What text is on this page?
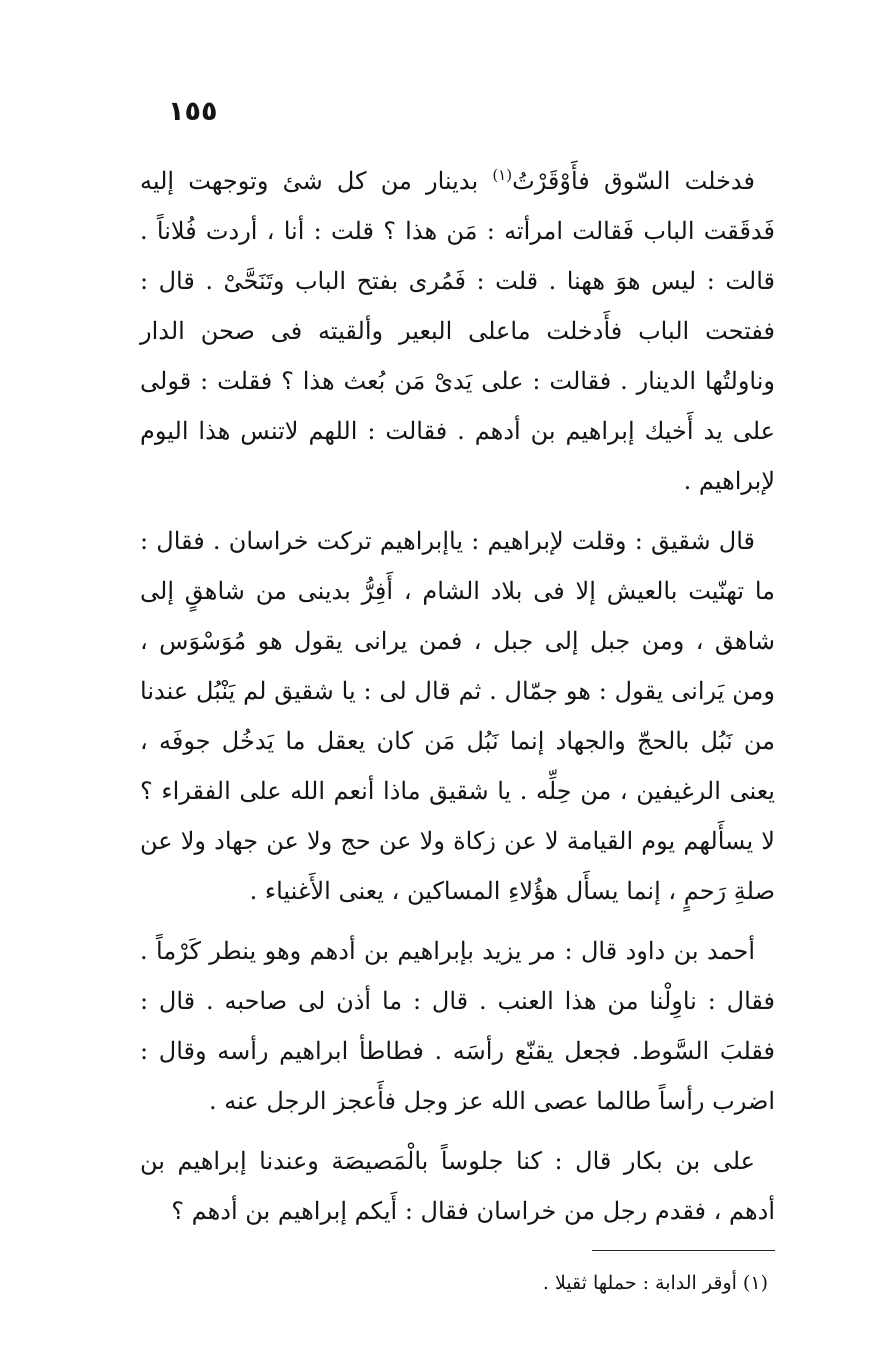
١٥٥

فدخلت السّوق فأَوْقَرْتُ$^{(١)}$ بدينار من كل شئ وتوجهت إليه فَدقَقت الباب فَقالت امرأته : مَن هذا ؟ قلت : أنا ، أردت فُلاناً . قالت : ليس هوَ ههنا . قلت : فَمُرى بفتح الباب وتَنَحَّىْ . قال : ففتحت الباب فأَدخلت ماعلى البعير وألقيته فى صحن الدار وناولتُها الدينار . فقالت : على يَدىْ مَن بُعث هذا ؟ فقلت : قولى على يد أَخيك إبراهيم بن أدهم . فقالت : اللهم لاتنس هذا اليوم لإبراهيم .

قال شقيق : وقلت لإبراهيم : ياإبراهيم تركت خراسان . فقال : ما تهنّيت بالعيش إلا فى بلاد الشام ، أَفِرُّ بدينى من شاهقٍ إلى شاهق ، ومن جبل إلى جبل ، فمن يرانى يقول هو مُوَسْوَس ، ومن يَرانى يقول : هو جمّال . ثم قال لى : يا شقيق لم يَنْبُل عندنا من نَبُل بالحجّ والجهاد إنما نَبُل مَن كان يعقل ما يَدخُل جوفَه ، يعنى الرغيفين ، من حِلِّه . يا شقيق ماذا أنعم الله على الفقراء ؟ لا يسأَلهم يوم القيامة لا عن زكاة ولا عن حج ولا عن جهاد ولا عن صلةِ رَحمٍ ، إنما يسأَل هؤُلاءِ المساكين ، يعنى الأَغنياء .

أحمد بن داود قال : مر يزيد بإبراهيم بن أدهم وهو ينطر كَرْماً . فقال : ناوِلْنا من هذا العنب . قال : ما أذن لى صاحبه . قال : فقلبَ السَّوط. فجعل يقنّع رأسَه . فطاطأ ابراهيم رأسه وقال : اضرب رأساً طالما عصى الله عز وجل فأَعجز الرجل عنه .

على بن بكار قال : كنا جلوساً بالْمَصيصَة وعندنا إبراهيم بن أدهم ، فقدم رجل من خراسان فقال : أَيكم إبراهيم بن أدهم ؟

(١) أوقر الدابة : حملها ثقيلا .
